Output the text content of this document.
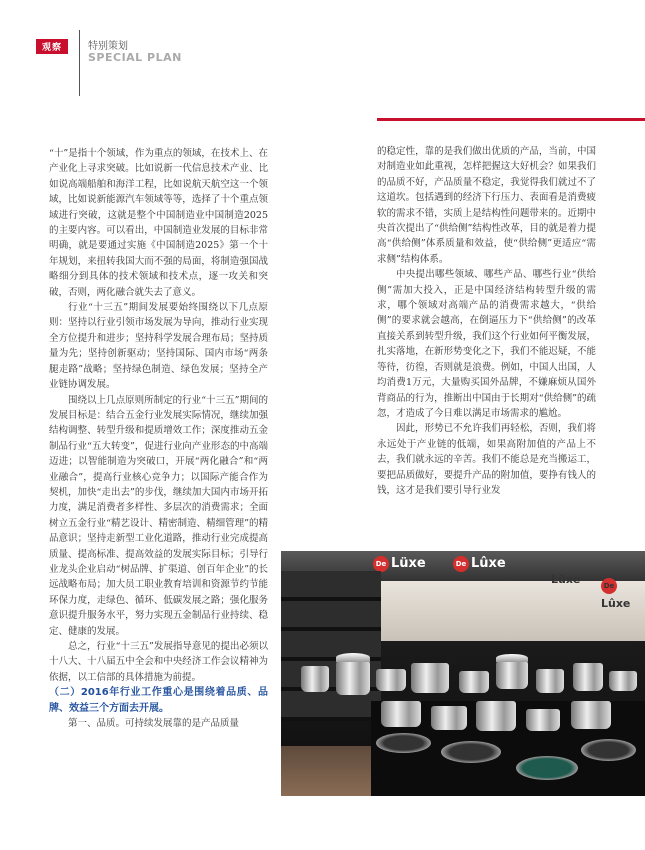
观察	特别策划
SPECIAL PLAN

“十”是指十个领域，作为重点的领域，在技术上、在产业化上寻求突破。比如说新一代信息技术产业、比如说高端船舶和海洋工程，比如说航天航空这一个领域，比如说新能源汽车领域等等，选择了十个重点领域进行突破，这就是整个中国制造业中国制造2025的主要内容。可以看出，中国制造业发展的目标非常明确，就是要通过实施《中国制造2025》第一个十年规划，来扭转我国大而不强的局面，将制造强国战略细分到具体的技术领域和技术点，逐一攻关和突破，否则，两化融合就失去了意义。

行业“十三五”期间发展要始终围绕以下几点原则：坚持以行业引领市场发展为导向，推动行业实现全方位提升和进步；坚持科学发展合理布局；坚持质量为先；坚持创新驱动；坚持国际、国内市场“两条腿走路”战略；坚持绿色制造、绿色发展；坚持全产业链协调发展。

围绕以上几点原则所制定的行业“十三五”期间的发展目标是：结合五金行业发展实际情况，继续加强结构调整、转型升级和提质增效工作；深度推动五金制品行业“五大转变”，促进行业向产业形态的中高端迈进；以智能制造为突破口，开展“两化融合”和“两业融合”，提高行业核心竞争力；以国际产能合作为契机，加快“走出去”的步伐，继续加大国内市场开拓力度，满足消费者多样性、多层次的消费需求；全面树立五金行业“精艺设计、精密制造、精细管理”的精品意识；坚持走新型工业化道路，推动行业完成提高质量、提高标准、提高效益的发展实际目标；引导行业龙头企业启动“树品牌、扩渠道、创百年企业”的长远战略布局；加大员工职业教育培训和资源节约节能环保力度，走绿色、循环、低碳发展之路；强化服务意识提升服务水平，努力实现五金制品行业持续、稳定、健康的发展。

总之，行业“十三五”发展指导意见的提出必须以十八大、十八届五中全会和中央经济工作会议精神为依据，以工信部的具体措施为前提。

（二）2016年行业工作重心是围绕着品质、品牌、效益三个方面去开展。

第一、品质。可持续发展靠的是产品质量

的稳定性，靠的是我们做出优质的产品，当前，中国对制造业如此重视，怎样把握这大好机会？如果我们的品质不好，产品质量不稳定，我觉得我们就过不了这道坎。包括遇到的经济下行压力、表面看是消费疲软的需求不错，实质上是结构性问题带来的。近期中央首次提出了“供给侧”结构性改革，目的就是着力提高“供给侧”体系质量和效益，使“供给侧”更适应“需求侧”结构体系。

中央提出哪些领域、哪些产品、哪些行业“供给侧”需加大投入，正是中国经济结构转型升级的需求，哪个领域对高端产品的消费需求越大，“供给侧”的要求就会越高，在倒逼压力下“供给侧”的改革直接关系到转型升级，我们这个行业如何平衡发展，扎实落地，在新形势变化之下，我们不能迟疑，不能等待，彷徨，否则就是浪费。例如，中国人出国，人均消费1万元，大量购买国外品牌，不嫌麻烦从国外背商品的行为，推断出中国由于长期对“供给侧”的疏忽，才造成了今日难以满足市场需求的尴尬。

因此，形势已不允许我们再轻松，否则，我们将永远处于产业链的低端，如果高附加值的产品上不去，我们就永远的辛苦。我们不能总是充当搬运工，要把品质做好，要提升产品的附加值，要挣有钱人的钱，这才是我们要引导行业发

De Lüxe	De Lûxe
Lüxe	DeLûxe
